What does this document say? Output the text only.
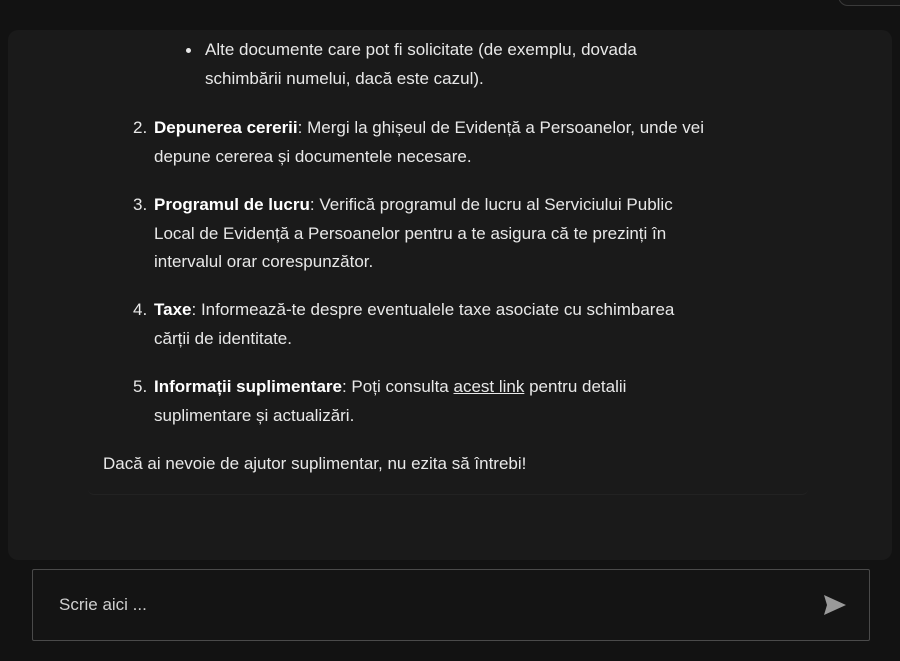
Alte documente care pot fi solicitate (de exemplu, dovada
schimbării numelui, dacă este cazul).
2. Depunerea cererii: Mergi la ghișeul de Evidență a Persoanelor, unde vei
depune cererea și documentele necesare.
3. Programul de lucru: Verifică programul de lucru al Serviciului Public
Local de Evidență a Persoanelor pentru a te asigura că te prezinți în
intervalul orar corespunzător.
4. Taxe: Informează-te despre eventualele taxe asociate cu schimbarea
cărții de identitate.
5. Informații suplimentare: Poți consulta acest link pentru detalii
suplimentare și actualizări.
Dacă ai nevoie de ajutor suplimentar, nu ezita să întrebi!
Scrie aici ...
